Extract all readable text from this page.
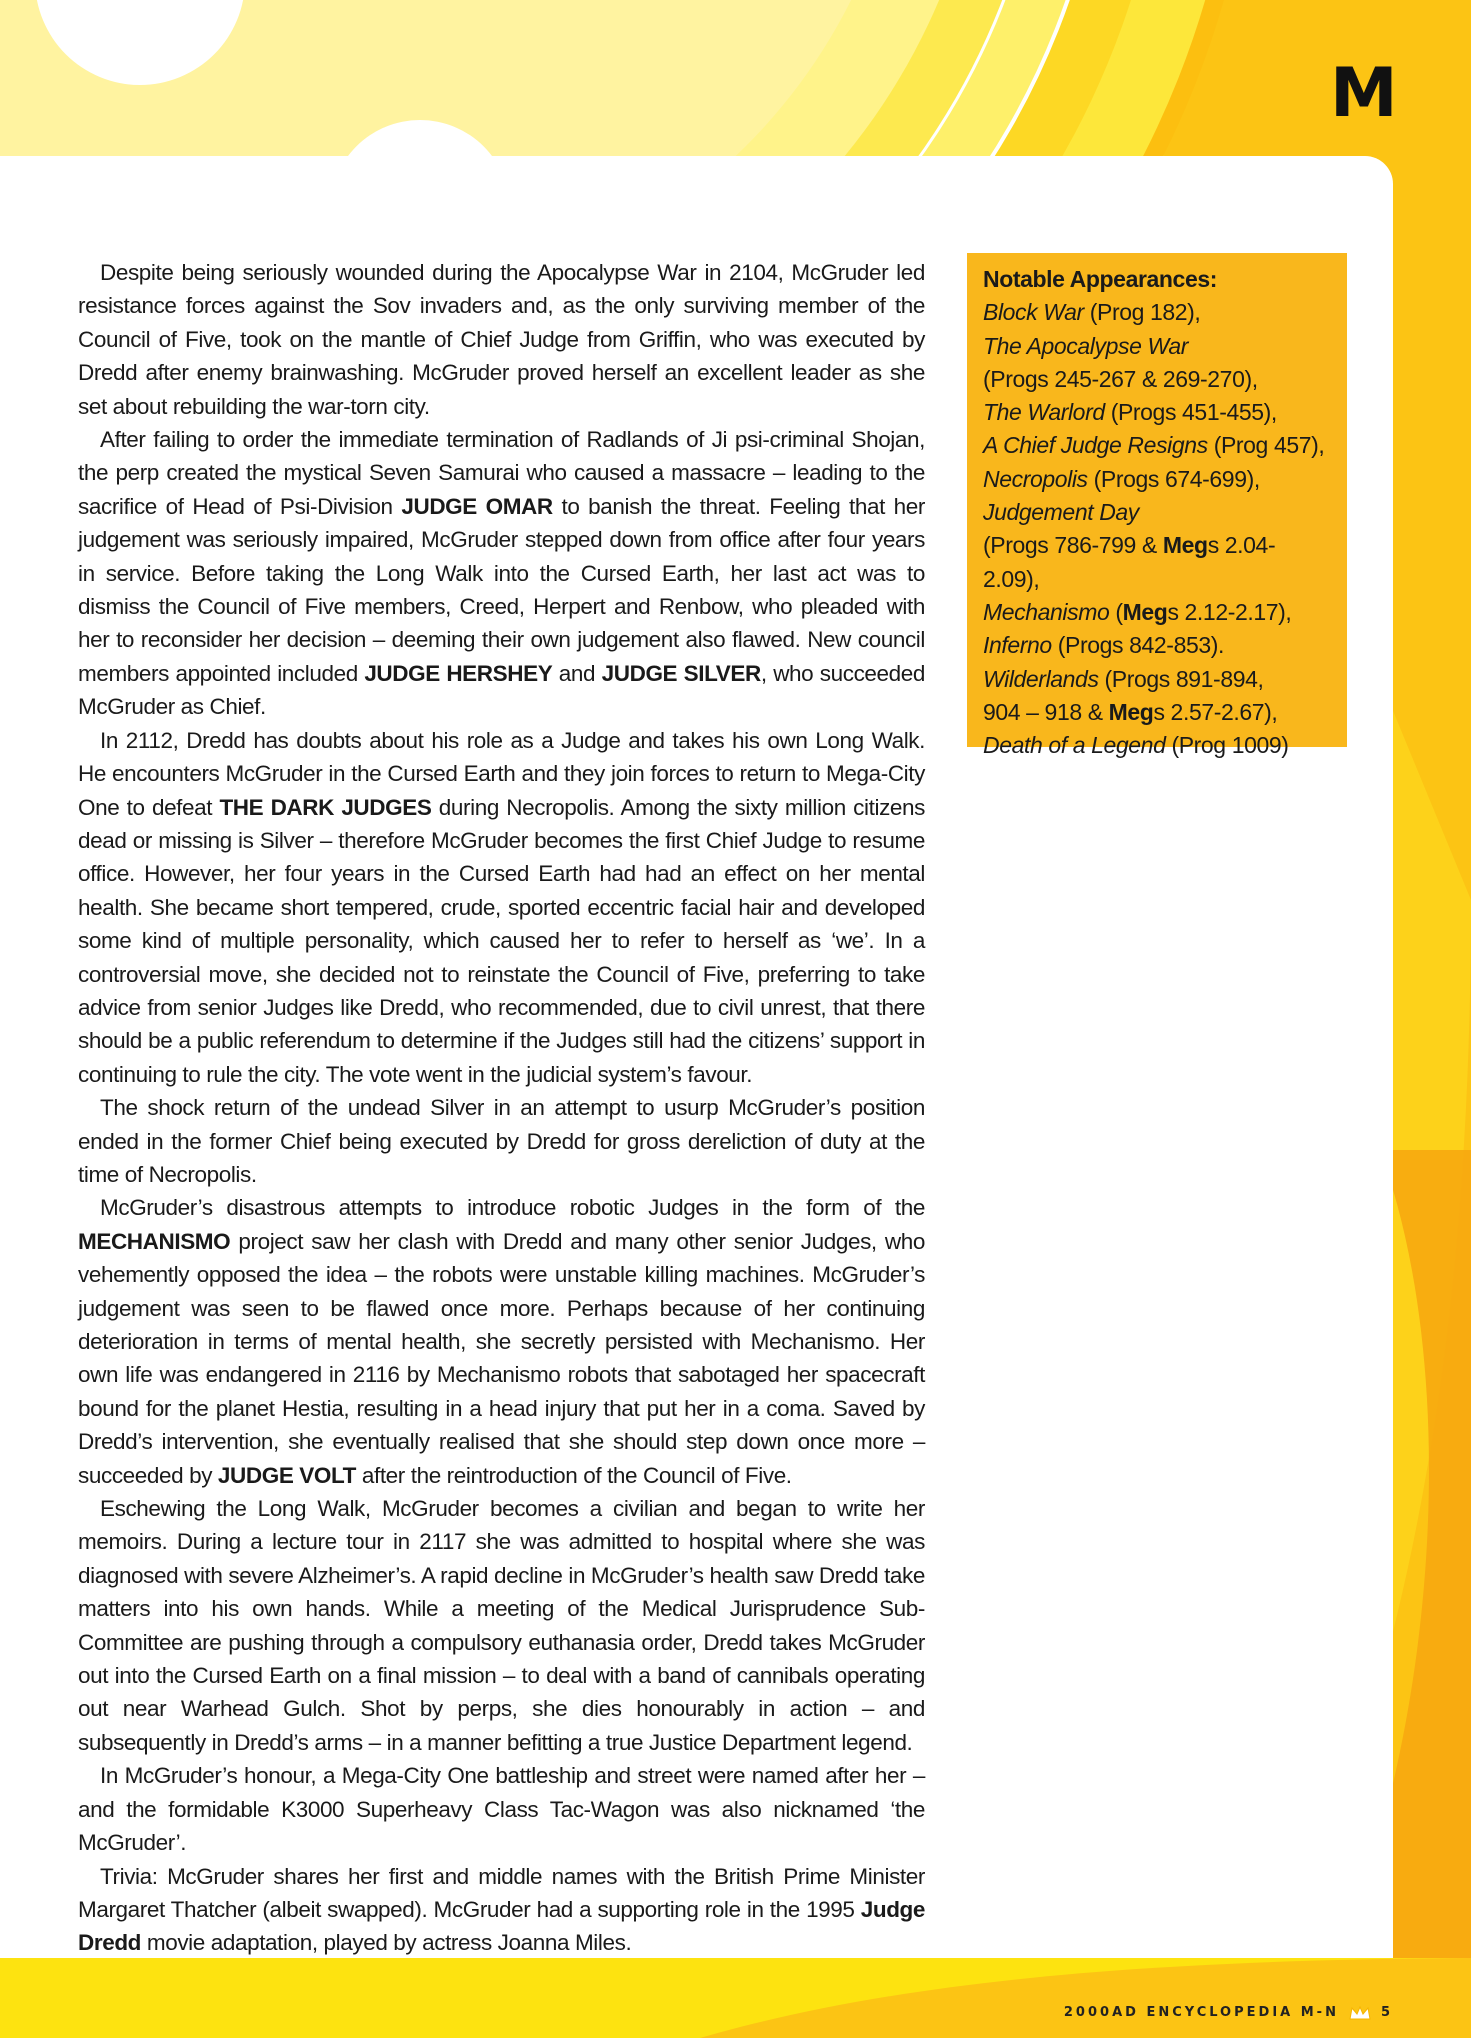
M

Despite being seriously wounded during the Apocalypse War in 2104, McGruder led resistance forces against the Sov invaders and, as the only surviving member of the Council of Five, took on the mantle of Chief Judge from Griffin, who was executed by Dredd after enemy brainwashing. McGruder proved herself an excellent leader as she set about rebuilding the war-torn city.

After failing to order the immediate termination of Radlands of Ji psi-criminal Shojan, the perp created the mystical Seven Samurai who caused a massacre – leading to the sacrifice of Head of Psi-Division JUDGE OMAR to banish the threat. Feeling that her judgement was seriously impaired, McGruder stepped down from office after four years in service. Before taking the Long Walk into the Cursed Earth, her last act was to dismiss the Council of Five members, Creed, Herpert and Renbow, who pleaded with her to reconsider her decision – deeming their own judgement also flawed. New council members appointed included JUDGE HERSHEY and JUDGE SILVER, who succeeded McGruder as Chief.

In 2112, Dredd has doubts about his role as a Judge and takes his own Long Walk. He encounters McGruder in the Cursed Earth and they join forces to return to Mega-City One to defeat THE DARK JUDGES during Necropolis. Among the sixty million citizens dead or missing is Silver – therefore McGruder becomes the first Chief Judge to resume office. However, her four years in the Cursed Earth had had an effect on her mental health. She became short tempered, crude, sported eccentric facial hair and developed some kind of multiple personality, which caused her to refer to herself as ‘we’. In a controversial move, she decided not to reinstate the Council of Five, preferring to take advice from senior Judges like Dredd, who recommended, due to civil unrest, that there should be a public referendum to determine if the Judges still had the citizens’ support in continuing to rule the city. The vote went in the judicial system’s favour.

The shock return of the undead Silver in an attempt to usurp McGruder’s position ended in the former Chief being executed by Dredd for gross dereliction of duty at the time of Necropolis.

McGruder’s disastrous attempts to introduce robotic Judges in the form of the MECHANISMO project saw her clash with Dredd and many other senior Judges, who vehemently opposed the idea – the robots were unstable killing machines. McGruder’s judgement was seen to be flawed once more. Perhaps because of her continuing deterioration in terms of mental health, she secretly persisted with Mechanismo. Her own life was endangered in 2116 by Mechanismo robots that sabotaged her spacecraft bound for the planet Hestia, resulting in a head injury that put her in a coma. Saved by Dredd’s intervention, she eventually realised that she should step down once more – succeeded by JUDGE VOLT after the reintroduction of the Council of Five.

Eschewing the Long Walk, McGruder becomes a civilian and began to write her memoirs. During a lecture tour in 2117 she was admitted to hospital where she was diagnosed with severe Alzheimer’s. A rapid decline in McGruder’s health saw Dredd take matters into his own hands. While a meeting of the Medical Jurisprudence Sub-Committee are pushing through a compulsory euthanasia order, Dredd takes McGruder out into the Cursed Earth on a final mission – to deal with a band of cannibals operating out near Warhead Gulch. Shot by perps, she dies honourably in action – and subsequently in Dredd’s arms – in a manner befitting a true Justice Department legend.

In McGruder’s honour, a Mega-City One battleship and street were named after her – and the formidable K3000 Superheavy Class Tac-Wagon was also nicknamed ‘the McGruder’.

Trivia: McGruder shares her first and middle names with the British Prime Minister Margaret Thatcher (albeit swapped). McGruder had a supporting role in the 1995 Judge Dredd movie adaptation, played by actress Joanna Miles.

Notable Appearances:
Block War (Prog 182),
The Apocalypse War
(Progs 245-267 & 269-270),
The Warlord (Progs 451-455),
A Chief Judge Resigns (Prog 457),
Necropolis (Progs 674-699),
Judgement Day
(Progs 786-799 & Megs 2.04-2.09),
Mechanismo (Megs 2.12-2.17),
Inferno (Progs 842-853).
Wilderlands (Progs 891-894,
904 – 918 & Megs 2.57-2.67),
Death of a Legend (Prog 1009)
2000AD ENCYCLOPEDIA M-N	5
